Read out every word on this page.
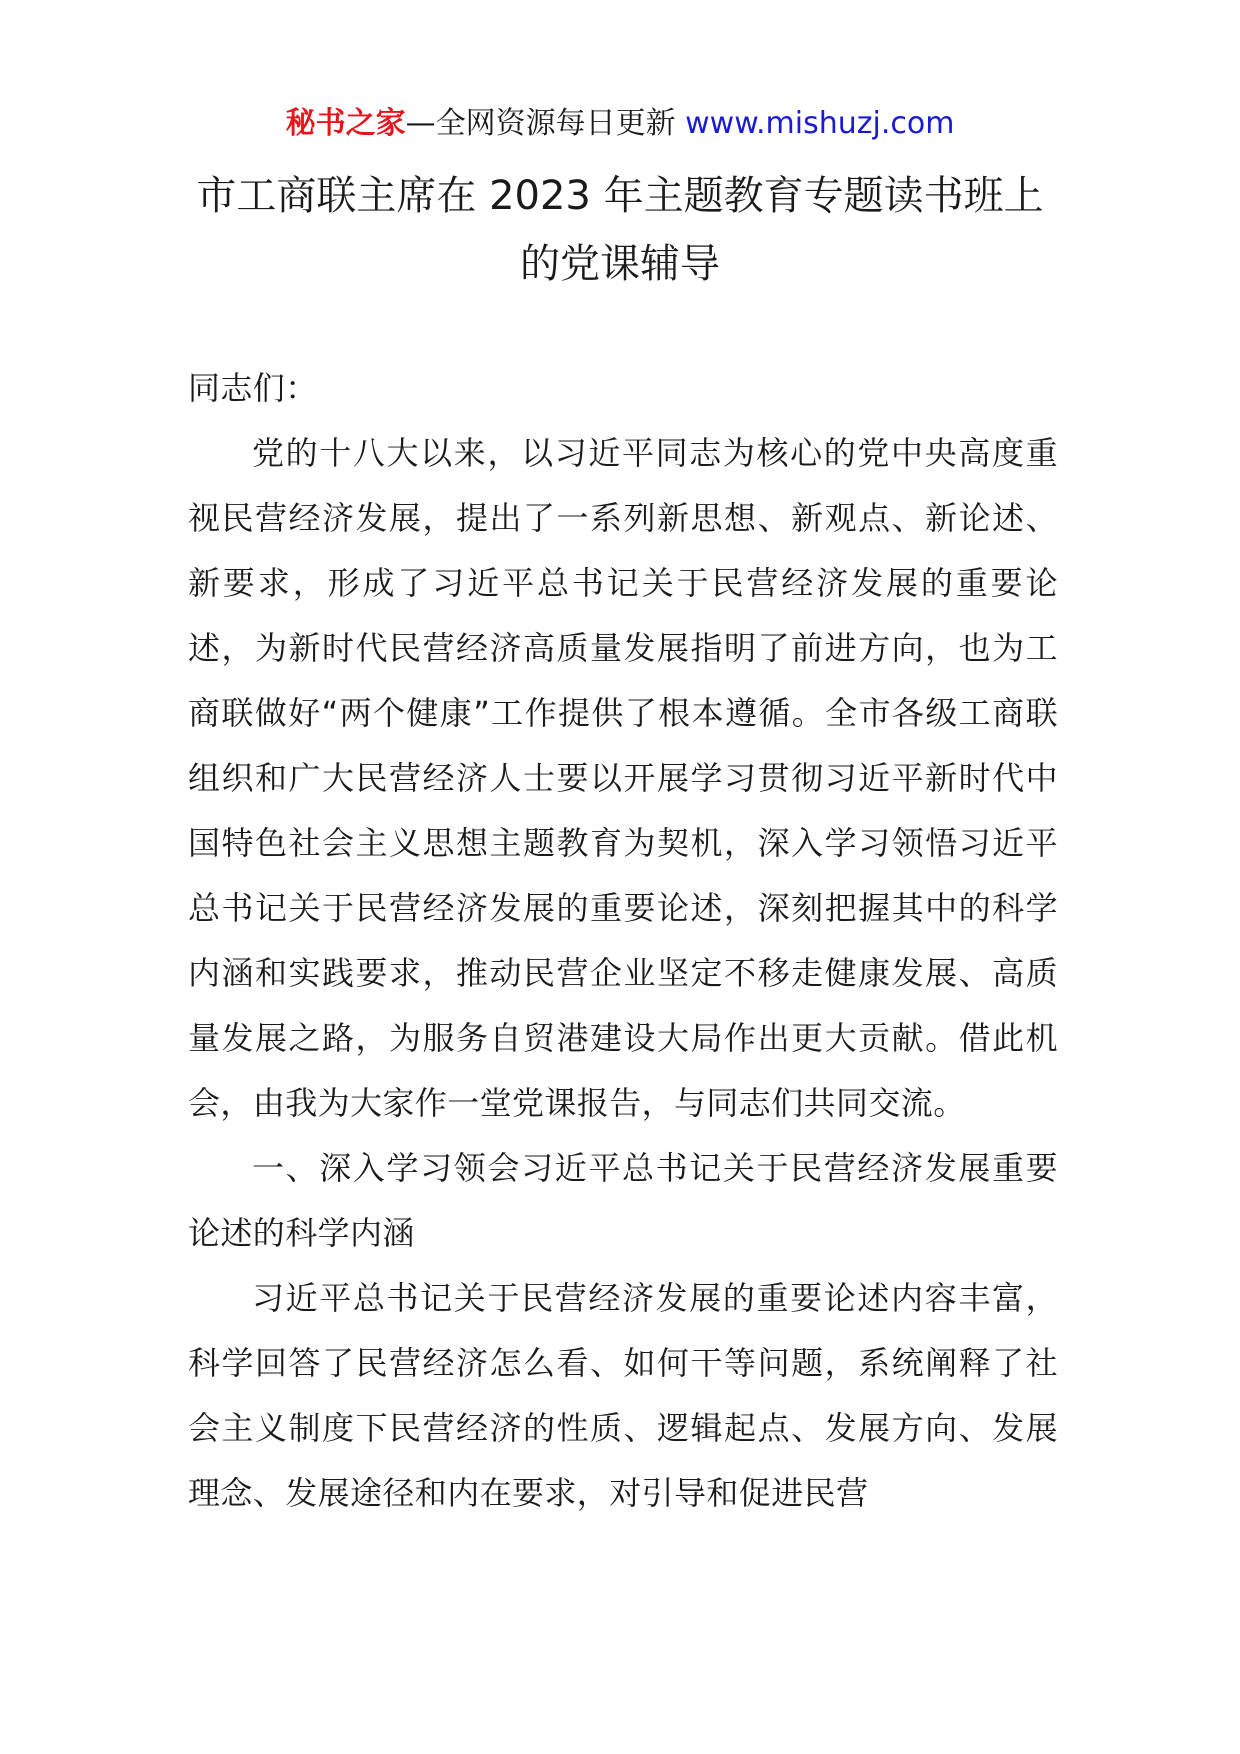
秘书之家—全网资源每日更新 www.mishuzj.com
市工商联主席在 2023 年主题教育专题读书班上
的党课辅导

同志们：

党的十八大以来，以习近平同志为核心的党中央高度重视民营经济发展，提出了一系列新思想、新观点、新论述、新要求，形成了习近平总书记关于民营经济发展的重要论述，为新时代民营经济高质量发展指明了前进方向，也为工商联做好“两个健康”工作提供了根本遵循。全市各级工商联组织和广大民营经济人士要以开展学习贯彻习近平新时代中国特色社会主义思想主题教育为契机，深入学习领悟习近平总书记关于民营经济发展的重要论述，深刻把握其中的科学内涵和实践要求，推动民营企业坚定不移走健康发展、高质量发展之路，为服务自贸港建设大局作出更大贡献。借此机会，由我为大家作一堂党课报告，与同志们共同交流。

一、深入学习领会习近平总书记关于民营经济发展重要论述的科学内涵

习近平总书记关于民营经济发展的重要论述内容丰富，科学回答了民营经济怎么看、如何干等问题，系统阐释了社会主义制度下民营经济的性质、逻辑起点、发展方向、发展理念、发展途径和内在要求，对引导和促进民营
